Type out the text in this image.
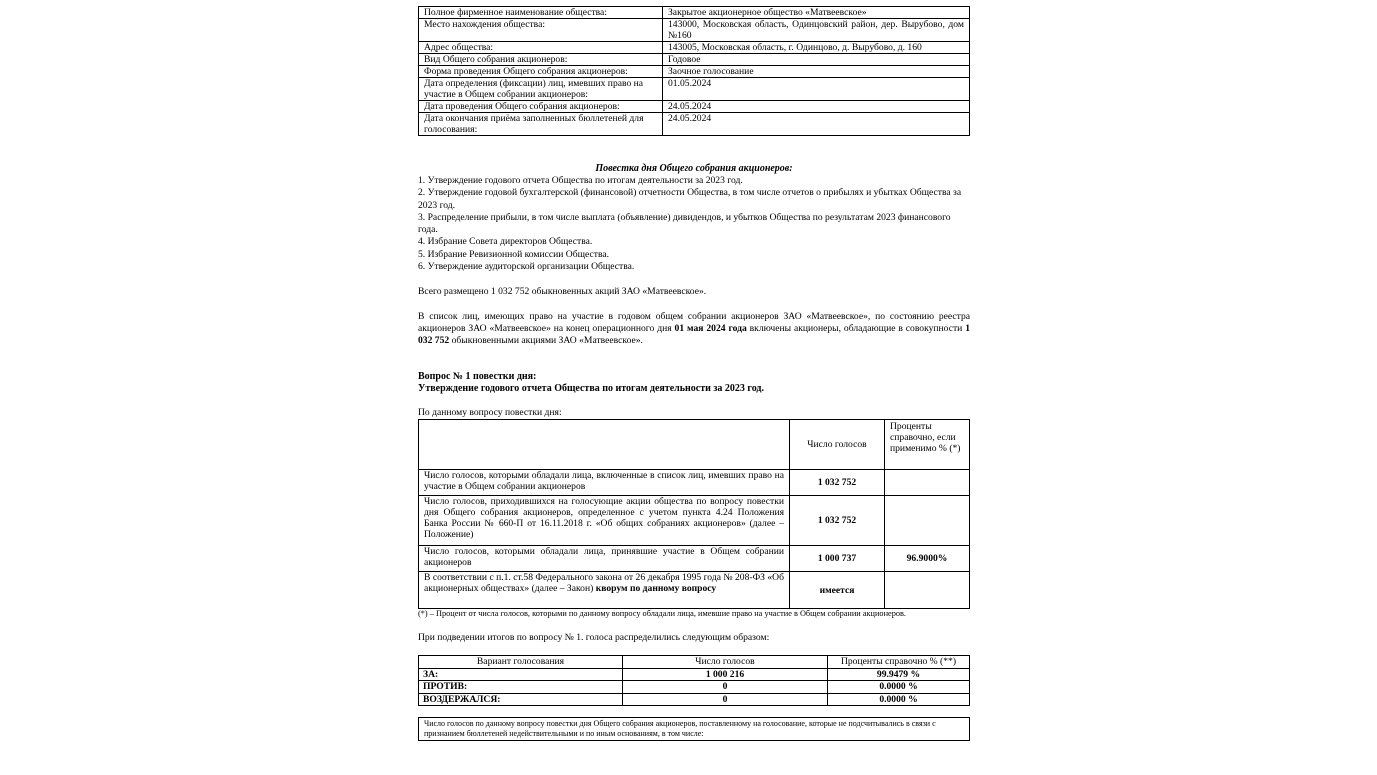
Полное фирменное наименование общества:	Закрытое акционерное общество «Матвеевское»
Место нахождения общества:	143000, Московская область, Одинцовский район, дер. Вырубово, дом №160
Адрес общества:	143005, Московская область, г. Одинцово, д. Вырубово, д. 160
Вид Общего собрания акционеров:	Годовое
Форма проведения Общего собрания акционеров:	Заочное голосование
Дата определения (фиксации) лиц, имевших право на участие в Общем собрании акционеров:	01.05.2024
Дата проведения Общего собрания акционеров:	24.05.2024
Дата окончания приёма заполненных бюллетеней для голосования:	24.05.2024
Повестка дня Общего собрания акционеров:
1. Утверждение годового отчета Общества по итогам деятельности за 2023 год.
2. Утверждение годовой бухгалтерской (финансовой) отчетности Общества, в том числе отчетов о прибылях и убытках Общества за 2023 год.
3. Распределение прибыли, в том числе выплата (объявление) дивидендов, и убытков Общества по результатам 2023 финансового года.
4. Избрание Совета директоров Общества.
5. Избрание Ревизионной комиссии Общества.
6. Утверждение аудиторской организации Общества.

Всего размещено 1 032 752 обыкновенных акций ЗАО «Матвеевское».

В список лиц, имеющих право на участие в годовом общем собрании акционеров ЗАО «Матвеевское», по состоянию реестра акционеров ЗАО «Матвеевское» на конец операционного дня 01 мая 2024 года включены акционеры, обладающие в совокупности 1 032 752 обыкновенными акциями ЗАО «Матвеевское».

Вопрос № 1 повестки дня:
Утверждение годового отчета Общества по итогам деятельности за 2023 год.

По данному вопросу повестки дня:

	Число голосов	Проценты справочно, если применимо % (*)
Число голосов, которыми обладали лица, включенные в список лиц, имевших право на участие в Общем собрании акционеров	1 032 752	
Число голосов, приходившихся на голосующие акции общества по вопросу повестки дня Общего собрания акционеров, определенное с учетом пункта 4.24 Положения Банка России № 660-П от 16.11.2018 г. «Об общих собраниях акционеров» (далее – Положение)	1 032 752	
Число голосов, которыми обладали лица, принявшие участие в Общем собрании акционеров	1 000 737	96.9000%
В соответствии с п.1. ст.58 Федерального закона от 26 декабря 1995 года № 208-ФЗ «Об акционерных обществах» (далее – Закон) кворум по данному вопросу	имеется	
(*) – Процент от числа голосов, которыми по данному вопросу обладали лица, имевшие право на участие в Общем собрании акционеров.

При подведении итогов по вопросу № 1. голоса распределились следующим образом:

Вариант голосования	Число голосов	Проценты справочно % (**)
ЗА:	1 000 216	99.9479 %
ПРОТИВ:	0	0.0000 %
ВОЗДЕРЖАЛСЯ:	0	0.0000 %
Число голосов по данному вопросу повестки дня Общего собрания акционеров, поставленному на голосование, которые не подсчитывались в связи с признанием бюллетеней недействительными и по иным основаниям, в том числе:
